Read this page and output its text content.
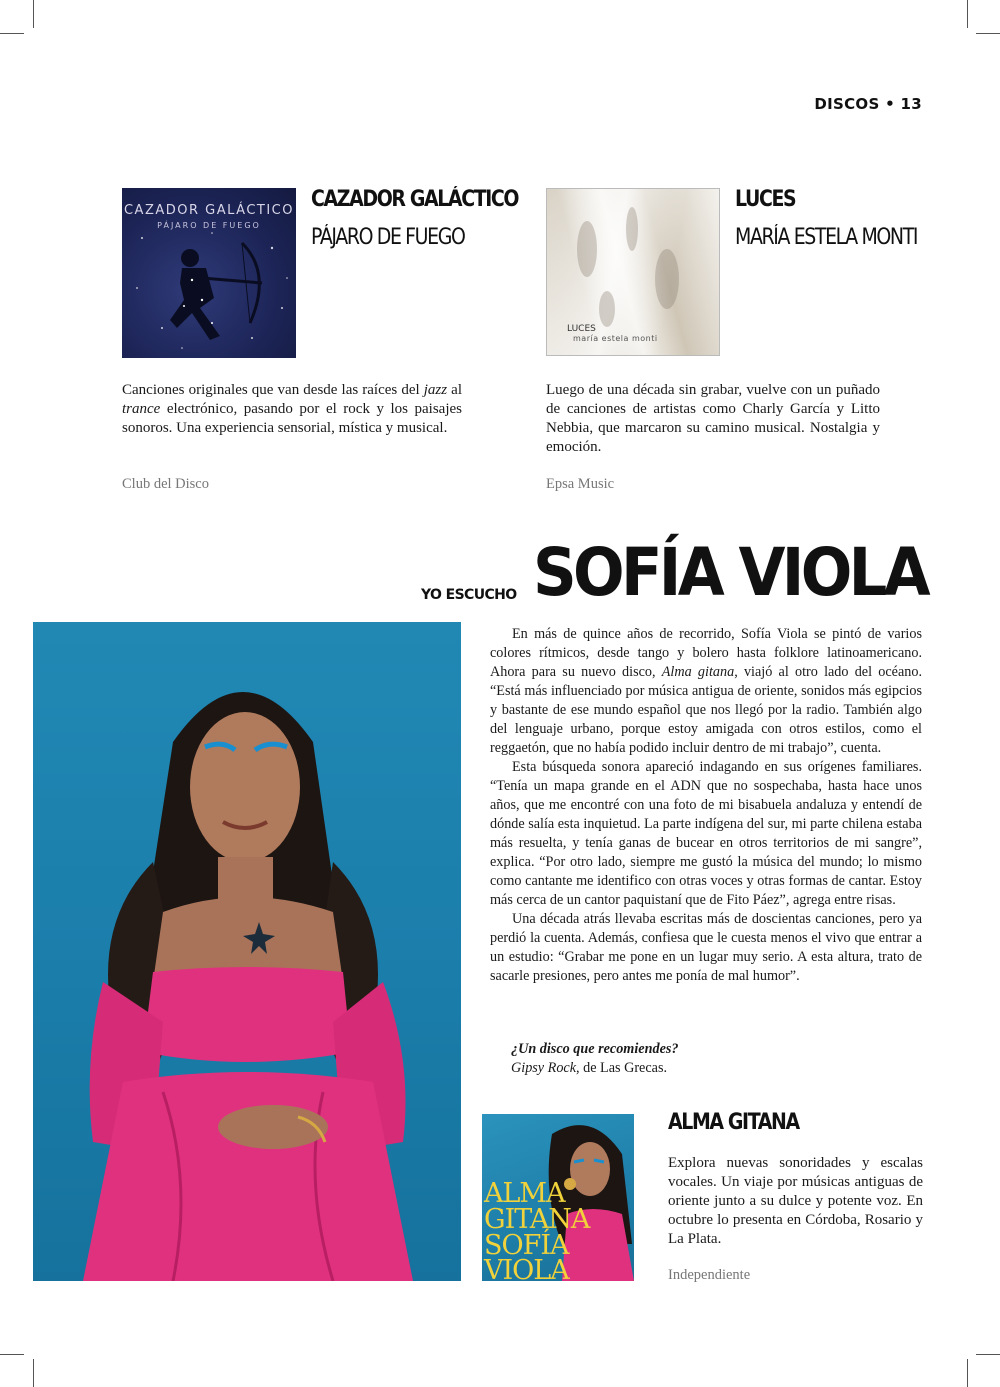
DISCOS • 13
CAZADOR GALÁCTICO
PÁJARO DE FUEGO
CAZADOR GALÁCTICO
PÁJARO DE FUEGO

Canciones originales que van desde las raíces del jazz al trance electrónico, pasando por el rock y los paisajes sonoros. Una experiencia sensorial, mística y musical.

Club del Disco

LUCES
maría estela monti
LUCES
MARÍA ESTELA MONTI

Luego de una década sin grabar, vuelve con un puñado de canciones de artistas como Charly García y Litto Nebbia, que marcaron su camino musical. Nostalgia y emoción.

Epsa Music

YO ESCUCHO SOFÍA VIOLA

En más de quince años de recorrido, Sofía Viola se pintó de varios colores rítmicos, desde tango y bolero hasta folklore latinoamericano. Ahora para su nuevo disco, Alma gitana, viajó al otro lado del océano. “Está más influenciado por música antigua de oriente, sonidos más egipcios y bastante de ese mundo español que nos llegó por la radio. También algo del lenguaje urbano, porque estoy amigada con otros estilos, como el reggaetón, que no había podido incluir dentro de mi trabajo”, cuenta.

Esta búsqueda sonora apareció indagando en sus orígenes familiares. “Tenía un mapa grande en el ADN que no sospechaba, hasta hace unos años, que me encontré con una foto de mi bisabuela andaluza y entendí de dónde salía esta inquietud. La parte indígena del sur, mi parte chilena estaba más resuelta, y tenía ganas de bucear en otros territorios de mi sangre”, explica. “Por otro lado, siempre me gustó la música del mundo; lo mismo como cantante me identifico con otras voces y otras formas de cantar. Estoy más cerca de un cantor paquistaní que de Fito Páez”, agrega entre risas.

Una década atrás llevaba escritas más de doscientas canciones, pero ya perdió la cuenta. Además, confiesa que le cuesta menos el vivo que entrar a un estudio: “Grabar me pone en un lugar muy serio. A esta altura, trato de sacarle presiones, pero antes me ponía de mal humor”.

¿Un disco que recomiendes?
Gipsy Rock, de Las Grecas.
ALMA
GITANA
SOFÍA
VIOLA
ALMA GITANA

Explora nuevas sonoridades y escalas vocales. Un viaje por músicas antiguas de oriente junto a su dulce y potente voz. En octubre lo presenta en Córdoba, Rosario y La Plata.

Independiente
